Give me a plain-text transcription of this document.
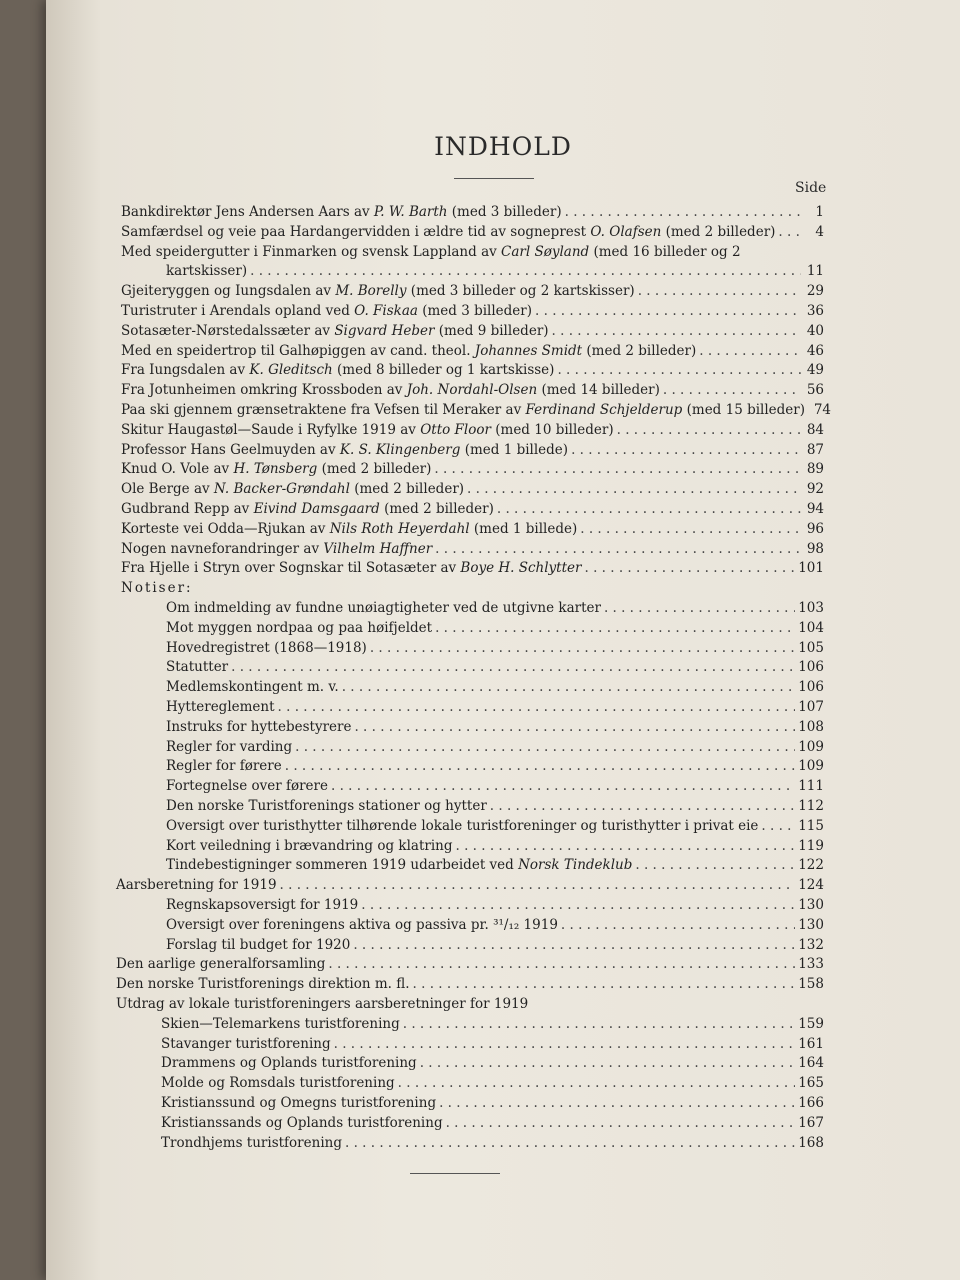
INDHOLD
Side
Bankdirektør Jens Andersen Aars av P. W. Barth (med 3 billeder) . . .	1
Samfærdsel og veie paa Hardangervidden i ældre tid av sogneprest O. Olafsen (med 2 billeder) . . .	4
Med speidergutter i Finmarken og svensk Lappland av Carl Søyland (med 16 billeder og 2
kartskisser) . . .	11
Gjeiteryggen og Iungsdalen av M. Borelly (med 3 billeder og 2 kartskisser) . . .	29
Turistruter i Arendals opland ved O. Fiskaa (med 3 billeder) . . .	36
Sotasæter-Nørstedalssæter av Sigvard Heber (med 9 billeder) . . .	40
Med en speidertrop til Galhøpiggen av cand. theol. Johannes Smidt (med 2 billeder) . . .	46
Fra Iungsdalen av K. Gleditsch (med 8 billeder og 1 kartskisse) . . .	49
Fra Jotunheimen omkring Krossboden av Joh. Nordahl-Olsen (med 14 billeder) . . .	56
Paa ski gjennem grænsetraktene fra Vefsen til Meraker av Ferdinand Schjelderup (med 15 billeder) 74
Skitur Haugastøl—Saude i Ryfylke 1919 av Otto Floor (med 10 billeder) . . .	84
Professor Hans Geelmuyden av K. S. Klingenberg (med 1 billede) . . .	87
Knud O. Vole av H. Tønsberg (med 2 billeder) . . .	89
Ole Berge av N. Backer-Grøndahl (med 2 billeder) . . .	92
Gudbrand Repp av Eivind Damsgaard (med 2 billeder) . . .	94
Korteste vei Odda—Rjukan av Nils Roth Heyerdahl (med 1 billede) . . .	96
Nogen navneforandringer av Vilhelm Haffner . . .	98
Fra Hjelle i Stryn over Sognskar til Sotasæter av Boye H. Schlytter . . .	101
Notiser:
Om indmelding av fundne unøiagtigheter ved de utgivne karter . . .	103
Mot myggen nordpaa og paa høifjeldet . . .	104
Hovedregistret (1868—1918) . . .	105
Statutter . . .	106
Medlemskontingent m. v. . . .	106
Hyttereglement . . .	107
Instruks for hyttebestyrere . . .	108
Regler for varding . . .	109
Regler for førere . . .	109
Fortegnelse over førere . . .	111
Den norske Turistforenings stationer og hytter . . .	112
Oversigt over turisthytter tilhørende lokale turistforeninger og turisthytter i privat eie . . .	115
Kort veiledning i brævandring og klatring . . .	119
Tindebestigninger sommeren 1919 udarbeidet ved Norsk Tindeklub . . .	122
Aarsberetning for 1919 . . .	124
Regnskapsoversigt for 1919 . . .	130
Oversigt over foreningens aktiva og passiva pr. ³¹/₁₂ 1919 . . .	130
Forslag til budget for 1920 . . .	132
Den aarlige generalforsamling . . .	133
Den norske Turistforenings direktion m. fl. . . .	158
Utdrag av lokale turistforeningers aarsberetninger for 1919
Skien—Telemarkens turistforening . . .	159
Stavanger turistforening . . .	161
Drammens og Oplands turistforening . . .	164
Molde og Romsdals turistforening . . .	165
Kristianssund og Omegns turistforening . . .	166
Kristianssands og Oplands turistforening . . .	167
Trondhjems turistforening . . .	168
